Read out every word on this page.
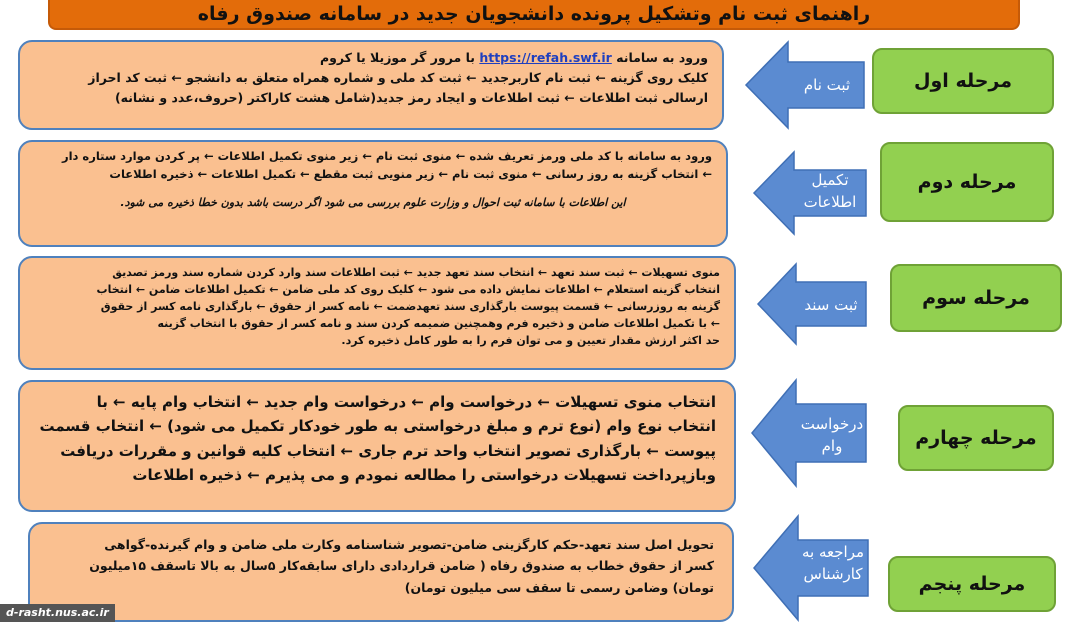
راهنمای ثبت نام وتشکیل پرونده دانشجویان جدید در سامانه صندوق رفاه
ورود به سامانه https://refah.swf.ir با مرور گر موزیلا یا کروم
کلیک روی گزینه ← ثبت نام کاربرجدید ← ثبت کد ملی و شماره همراه متعلق به دانشجو ← ثبت کد احراز
ارسالی ثبت اطلاعات ← ثبت اطلاعات و ایجاد رمز جدید(شامل هشت کاراکتر (حروف،عدد و نشانه)
ثبت نام	مرحله اول
ورود به سامانه با کد ملی ورمز تعریف شده ← منوی ثبت نام ← زیر منوی تکمیل اطلاعات ← پر کردن موارد ستاره دار
← انتخاب گزینه به روز رسانی ← منوی ثبت نام ← زیر منویی ثبت مقطع ← تکمیل اطلاعات ← ذخیره اطلاعات
این اطلاعات با سامانه ثبت احوال و وزارت علوم بررسی می شود اگر درست باشد بدون خطا ذخیره می شود.
تکمیل
اطلاعات
مرحله دوم
منوی تسهیلات ← ثبت سند تعهد ← انتخاب سند تعهد جدید ← ثبت اطلاعات سند وارد کردن شماره سند ورمز تصدیق
انتخاب گزینه استعلام ← اطلاعات نمایش داده می شود ← کلیک روی کد ملی ضامن ← تکمیل اطلاعات ضامن ← انتخاب
گزینه به روزرسانی ← قسمت پیوست بارگذاری سند تعهدضمت ← نامه کسر از حقوق ← بارگذاری نامه کسر از حقوق
← با تکمیل اطلاعات ضامن و ذخیره فرم وهمچنین ضمیمه کردن سند و نامه کسر از حقوق با انتخاب گزینه
حد اکثر ارزش مقدار تعیین و می توان فرم را به طور کامل ذخیره کرد.
ثبت سند	مرحله سوم
انتخاب منوی تسهیلات ← درخواست وام ← درخواست وام جدید ← انتخاب وام پایه ← با
انتخاب نوع وام (نوع ترم و مبلغ درخواستی به طور خودکار تکمیل می شود) ← انتخاب قسمت
پیوست ← بارگذاری تصویر انتخاب واحد ترم جاری ← انتخاب کلیه قوانین و مقررات دریافت
وبازپرداخت تسهیلات درخواستی را مطالعه نمودم و می پذیرم ← ذخیره اطلاعات
درخواست
وام	مرحله چهارم
تحویل اصل سند تعهد-حکم کارگزینی ضامن-تصویر شناسنامه وکارت ملی ضامن و وام گیرنده-گواهی
کسر از حقوق خطاب به صندوق رفاه ( ضامن قراردادی دارای سابقه‌کار ۵سال به بالا تاسقف ۱۵میلیون
تومان) وضامن رسمی تا سقف سی میلیون تومان)
مراجعه به
کارشناس	مرحله پنجم
d-rasht.nus.ac.ir
